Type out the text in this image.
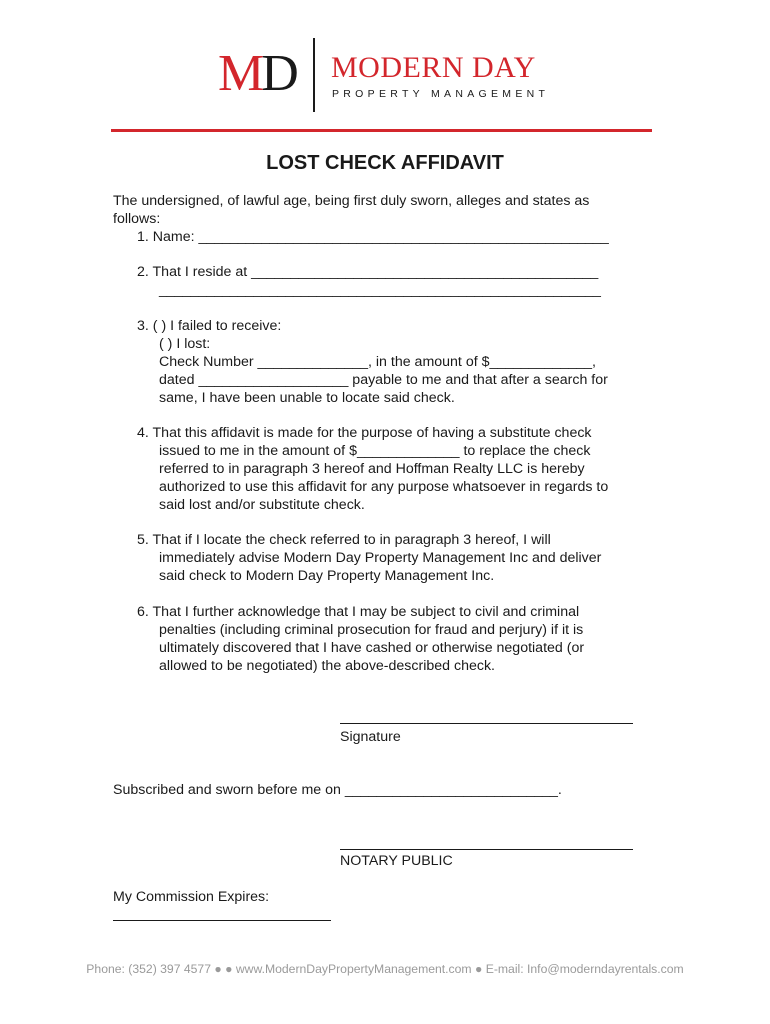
MD MODERN DAY
PROPERTY MANAGEMENT
LOST CHECK AFFIDAVIT
The undersigned, of lawful age, being first duly sworn, alleges and states as
follows:
1. Name: ____________________________________________________
2. That I reside at ____________________________________________
________________________________________________________
3. ( ) I failed to receive:
( ) I lost:
Check Number ______________, in the amount of $_____________,
dated ___________________ payable to me and that after a search for
same, I have been unable to locate said check.
4. That this affidavit is made for the purpose of having a substitute check
issued to me in the amount of $_____________ to replace the check
referred to in paragraph 3 hereof and Hoffman Realty LLC is hereby
authorized to use this affidavit for any purpose whatsoever in regards to
said lost and/or substitute check.
5. That if I locate the check referred to in paragraph 3 hereof, I will
immediately advise Modern Day Property Management Inc and deliver
said check to Modern Day Property Management Inc.
6. That I further acknowledge that I may be subject to civil and criminal
penalties (including criminal prosecution for fraud and perjury) if it is
ultimately discovered that I have cashed or otherwise negotiated (or
allowed to be negotiated) the above-described check.
Signature
Subscribed and sworn before me on ___________________________.
NOTARY PUBLIC
My Commission Expires:
Phone: (352) 397 4577 ● ● www.ModernDayPropertyManagement.com ● E-mail: Info@moderndayrentals.com
